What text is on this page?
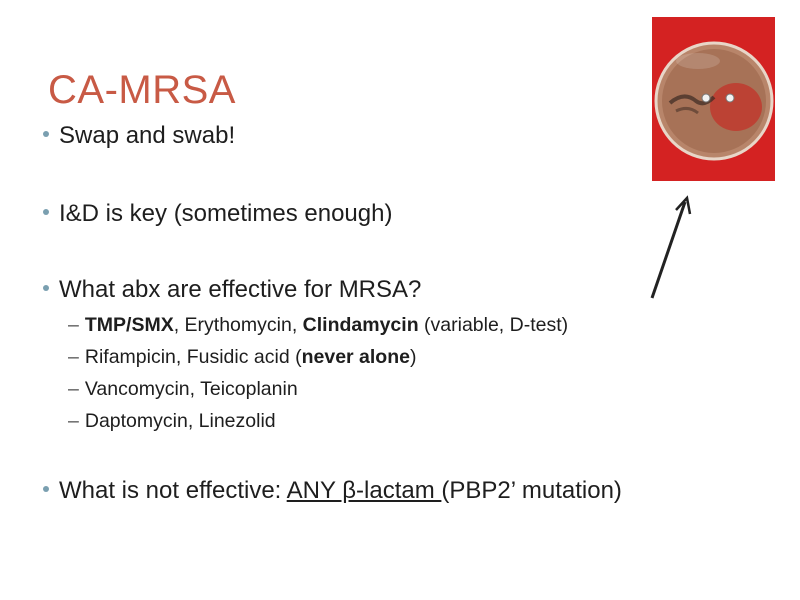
CA-MRSA
Swap and swab!
I&D is key (sometimes enough)
What abx are effective for MRSA?
– TMP/SMX, Erythomycin, Clindamycin (variable, D-test)
– Rifampicin, Fusidic acid (never alone)
– Vancomycin, Teicoplanin
– Daptomycin, Linezolid
What is not effective: ANY β-lactam (PBP2’ mutation)
